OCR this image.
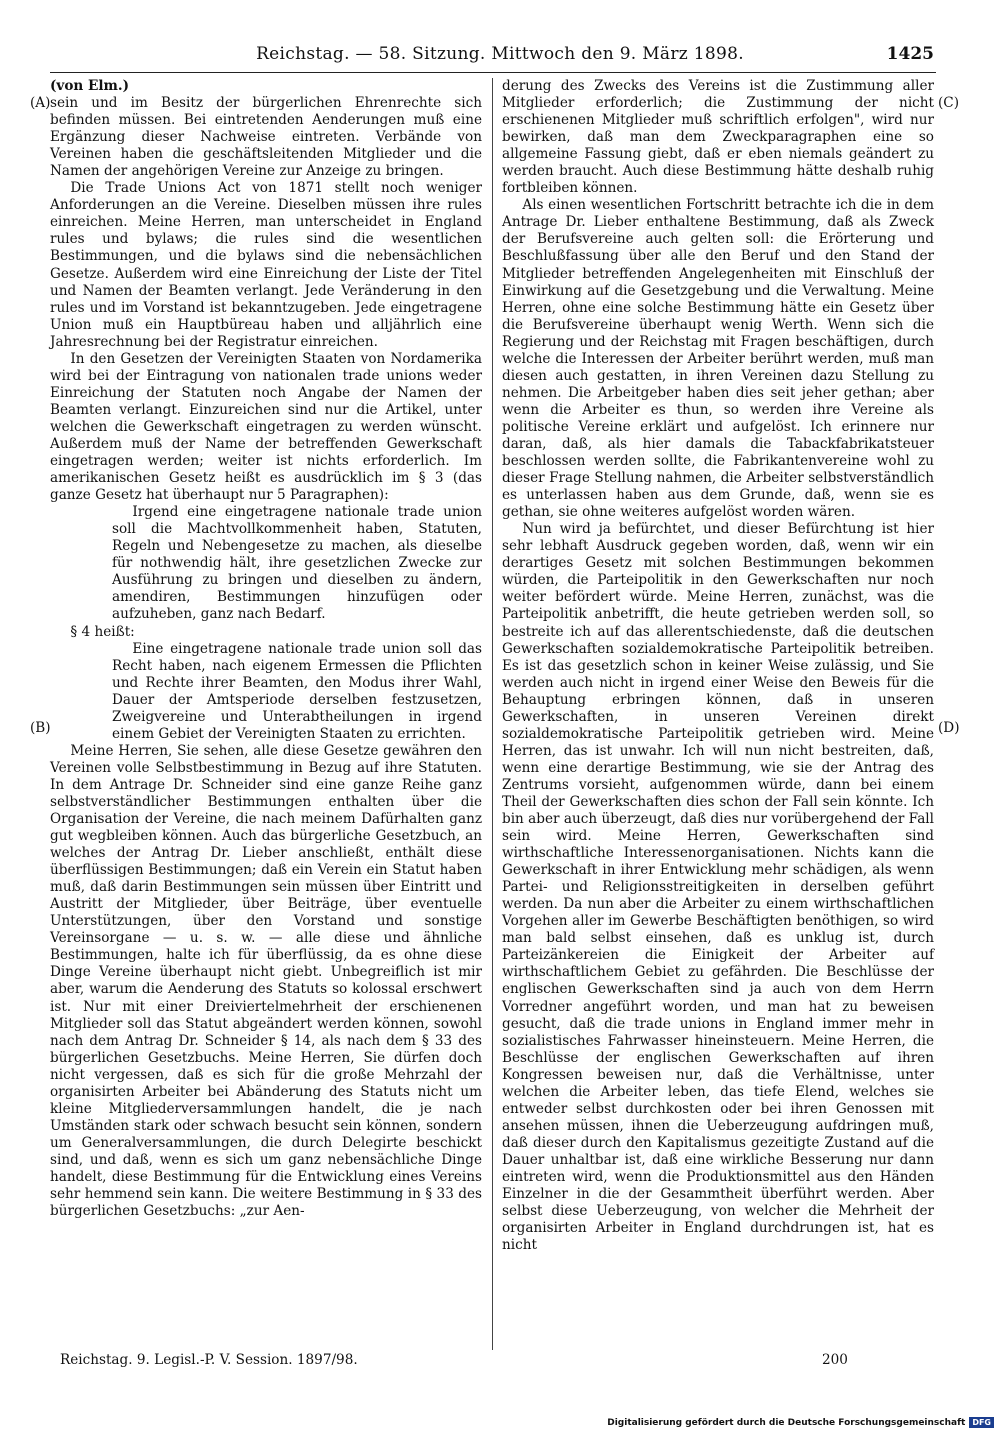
Reichstag. — 58. Sitzung. Mittwoch den 9. März 1898.	1425
(A)
(B)
(C)
(D)

(von Elm.)

sein und im Besitz der bürgerlichen Ehrenrechte sich befinden müssen. Bei eintretenden Aenderungen muß eine Ergänzung dieser Nachweise eintreten. Verbände von Vereinen haben die geschäftsleitenden Mitglieder und die Namen der angehörigen Vereine zur Anzeige zu bringen.

Die Trade Unions Act von 1871 stellt noch weniger Anforderungen an die Vereine. Dieselben müssen ihre rules einreichen. Meine Herren, man unterscheidet in England rules und bylaws; die rules sind die wesentlichen Bestimmungen, und die bylaws sind die nebensächlichen Gesetze. Außerdem wird eine Einreichung der Liste der Titel und Namen der Beamten verlangt. Jede Veränderung in den rules und im Vorstand ist bekanntzugeben. Jede eingetragene Union muß ein Hauptbüreau haben und alljährlich eine Jahresrechnung bei der Registratur einreichen.

In den Gesetzen der Vereinigten Staaten von Nordamerika wird bei der Eintragung von nationalen trade unions weder Einreichung der Statuten noch Angabe der Namen der Beamten verlangt. Einzureichen sind nur die Artikel, unter welchen die Gewerkschaft eingetragen zu werden wünscht. Außerdem muß der Name der betreffenden Gewerkschaft eingetragen werden; weiter ist nichts erforderlich. Im amerikanischen Gesetz heißt es ausdrücklich im § 3 (das ganze Gesetz hat überhaupt nur 5 Paragraphen):

Irgend eine eingetragene nationale trade union soll die Machtvollkommenheit haben, Statuten, Regeln und Nebengesetze zu machen, als dieselbe für nothwendig hält, ihre gesetzlichen Zwecke zur Ausführung zu bringen und dieselben zu ändern, amendiren, Bestimmungen hinzufügen oder aufzuheben, ganz nach Bedarf.

§ 4 heißt:

Eine eingetragene nationale trade union soll das Recht haben, nach eigenem Ermessen die Pflichten und Rechte ihrer Beamten, den Modus ihrer Wahl, Dauer der Amtsperiode derselben festzusetzen, Zweigvereine und Unterabtheilungen in irgend einem Gebiet der Vereinigten Staaten zu errichten.

Meine Herren, Sie sehen, alle diese Gesetze gewähren den Vereinen volle Selbstbestimmung in Bezug auf ihre Statuten. In dem Antrage Dr. Schneider sind eine ganze Reihe ganz selbstverständlicher Bestimmungen enthalten über die Organisation der Vereine, die nach meinem Dafürhalten ganz gut wegbleiben können. Auch das bürgerliche Gesetzbuch, an welches der Antrag Dr. Lieber anschließt, enthält diese überflüssigen Bestimmungen; daß ein Verein ein Statut haben muß, daß darin Bestimmungen sein müssen über Eintritt und Austritt der Mitglieder, über Beiträge, über eventuelle Unterstützungen, über den Vorstand und sonstige Vereinsorgane — u. s. w. — alle diese und ähnliche Bestimmungen, halte ich für überflüssig, da es ohne diese Dinge Vereine überhaupt nicht giebt. Unbegreiflich ist mir aber, warum die Aenderung des Statuts so kolossal erschwert ist. Nur mit einer Dreiviertelmehrheit der erschienenen Mitglieder soll das Statut abgeändert werden können, sowohl nach dem Antrag Dr. Schneider § 14, als nach dem § 33 des bürgerlichen Gesetzbuchs. Meine Herren, Sie dürfen doch nicht vergessen, daß es sich für die große Mehrzahl der organisirten Arbeiter bei Abänderung des Statuts nicht um kleine Mitgliederversammlungen handelt, die je nach Umständen stark oder schwach besucht sein können, sondern um Generalversammlungen, die durch Delegirte beschickt sind, und daß, wenn es sich um ganz nebensächliche Dinge handelt, diese Bestimmung für die Entwicklung eines Vereins sehr hemmend sein kann. Die weitere Bestimmung in § 33 des bürgerlichen Gesetzbuchs: „zur Aen-

derung des Zwecks des Vereins ist die Zustimmung aller Mitglieder erforderlich; die Zustimmung der nicht erschienenen Mitglieder muß schriftlich erfolgen", wird nur bewirken, daß man dem Zweckparagraphen eine so allgemeine Fassung giebt, daß er eben niemals geändert zu werden braucht. Auch diese Bestimmung hätte deshalb ruhig fortbleiben können.

Als einen wesentlichen Fortschritt betrachte ich die in dem Antrage Dr. Lieber enthaltene Bestimmung, daß als Zweck der Berufsvereine auch gelten soll: die Erörterung und Beschlußfassung über alle den Beruf und den Stand der Mitglieder betreffenden Angelegenheiten mit Einschluß der Einwirkung auf die Gesetzgebung und die Verwaltung. Meine Herren, ohne eine solche Bestimmung hätte ein Gesetz über die Berufsvereine überhaupt wenig Werth. Wenn sich die Regierung und der Reichstag mit Fragen beschäftigen, durch welche die Interessen der Arbeiter berührt werden, muß man diesen auch gestatten, in ihren Vereinen dazu Stellung zu nehmen. Die Arbeitgeber haben dies seit jeher gethan; aber wenn die Arbeiter es thun, so werden ihre Vereine als politische Vereine erklärt und aufgelöst. Ich erinnere nur daran, daß, als hier damals die Tabackfabrikatsteuer beschlossen werden sollte, die Fabrikantenvereine wohl zu dieser Frage Stellung nahmen, die Arbeiter selbstverständlich es unterlassen haben aus dem Grunde, daß, wenn sie es gethan, sie ohne weiteres aufgelöst worden wären.

Nun wird ja befürchtet, und dieser Befürchtung ist hier sehr lebhaft Ausdruck gegeben worden, daß, wenn wir ein derartiges Gesetz mit solchen Bestimmungen bekommen würden, die Parteipolitik in den Gewerkschaften nur noch weiter befördert würde. Meine Herren, zunächst, was die Parteipolitik anbetrifft, die heute getrieben werden soll, so bestreite ich auf das allerentschiedenste, daß die deutschen Gewerkschaften sozialdemokratische Parteipolitik betreiben. Es ist das gesetzlich schon in keiner Weise zulässig, und Sie werden auch nicht in irgend einer Weise den Beweis für die Behauptung erbringen können, daß in unseren Gewerkschaften, in unseren Vereinen direkt sozialdemokratische Parteipolitik getrieben wird. Meine Herren, das ist unwahr. Ich will nun nicht bestreiten, daß, wenn eine derartige Bestimmung, wie sie der Antrag des Zentrums vorsieht, aufgenommen würde, dann bei einem Theil der Gewerkschaften dies schon der Fall sein könnte. Ich bin aber auch überzeugt, daß dies nur vorübergehend der Fall sein wird. Meine Herren, Gewerkschaften sind wirthschaftliche Interessenorganisationen. Nichts kann die Gewerkschaft in ihrer Entwicklung mehr schädigen, als wenn Partei- und Religionsstreitigkeiten in derselben geführt werden. Da nun aber die Arbeiter zu einem wirthschaftlichen Vorgehen aller im Gewerbe Beschäftigten benöthigen, so wird man bald selbst einsehen, daß es unklug ist, durch Parteizänkereien die Einigkeit der Arbeiter auf wirthschaftlichem Gebiet zu gefährden. Die Beschlüsse der englischen Gewerkschaften sind ja auch von dem Herrn Vorredner angeführt worden, und man hat zu beweisen gesucht, daß die trade unions in England immer mehr in sozialistisches Fahrwasser hineinsteuern. Meine Herren, die Beschlüsse der englischen Gewerkschaften auf ihren Kongressen beweisen nur, daß die Verhältnisse, unter welchen die Arbeiter leben, das tiefe Elend, welches sie entweder selbst durchkosten oder bei ihren Genossen mit ansehen müssen, ihnen die Ueberzeugung aufdringen muß, daß dieser durch den Kapitalismus gezeitigte Zustand auf die Dauer unhaltbar ist, daß eine wirkliche Besserung nur dann eintreten wird, wenn die Produktionsmittel aus den Händen Einzelner in die der Gesammtheit überführt werden. Aber selbst diese Ueberzeugung, von welcher die Mehrheit der organisirten Arbeiter in England durchdrungen ist, hat es nicht

Reichstag. 9. Legisl.-P. V. Session. 1897/98.	200
Digitalisierung gefördert durch die Deutsche Forschungsgemeinschaft DFG
